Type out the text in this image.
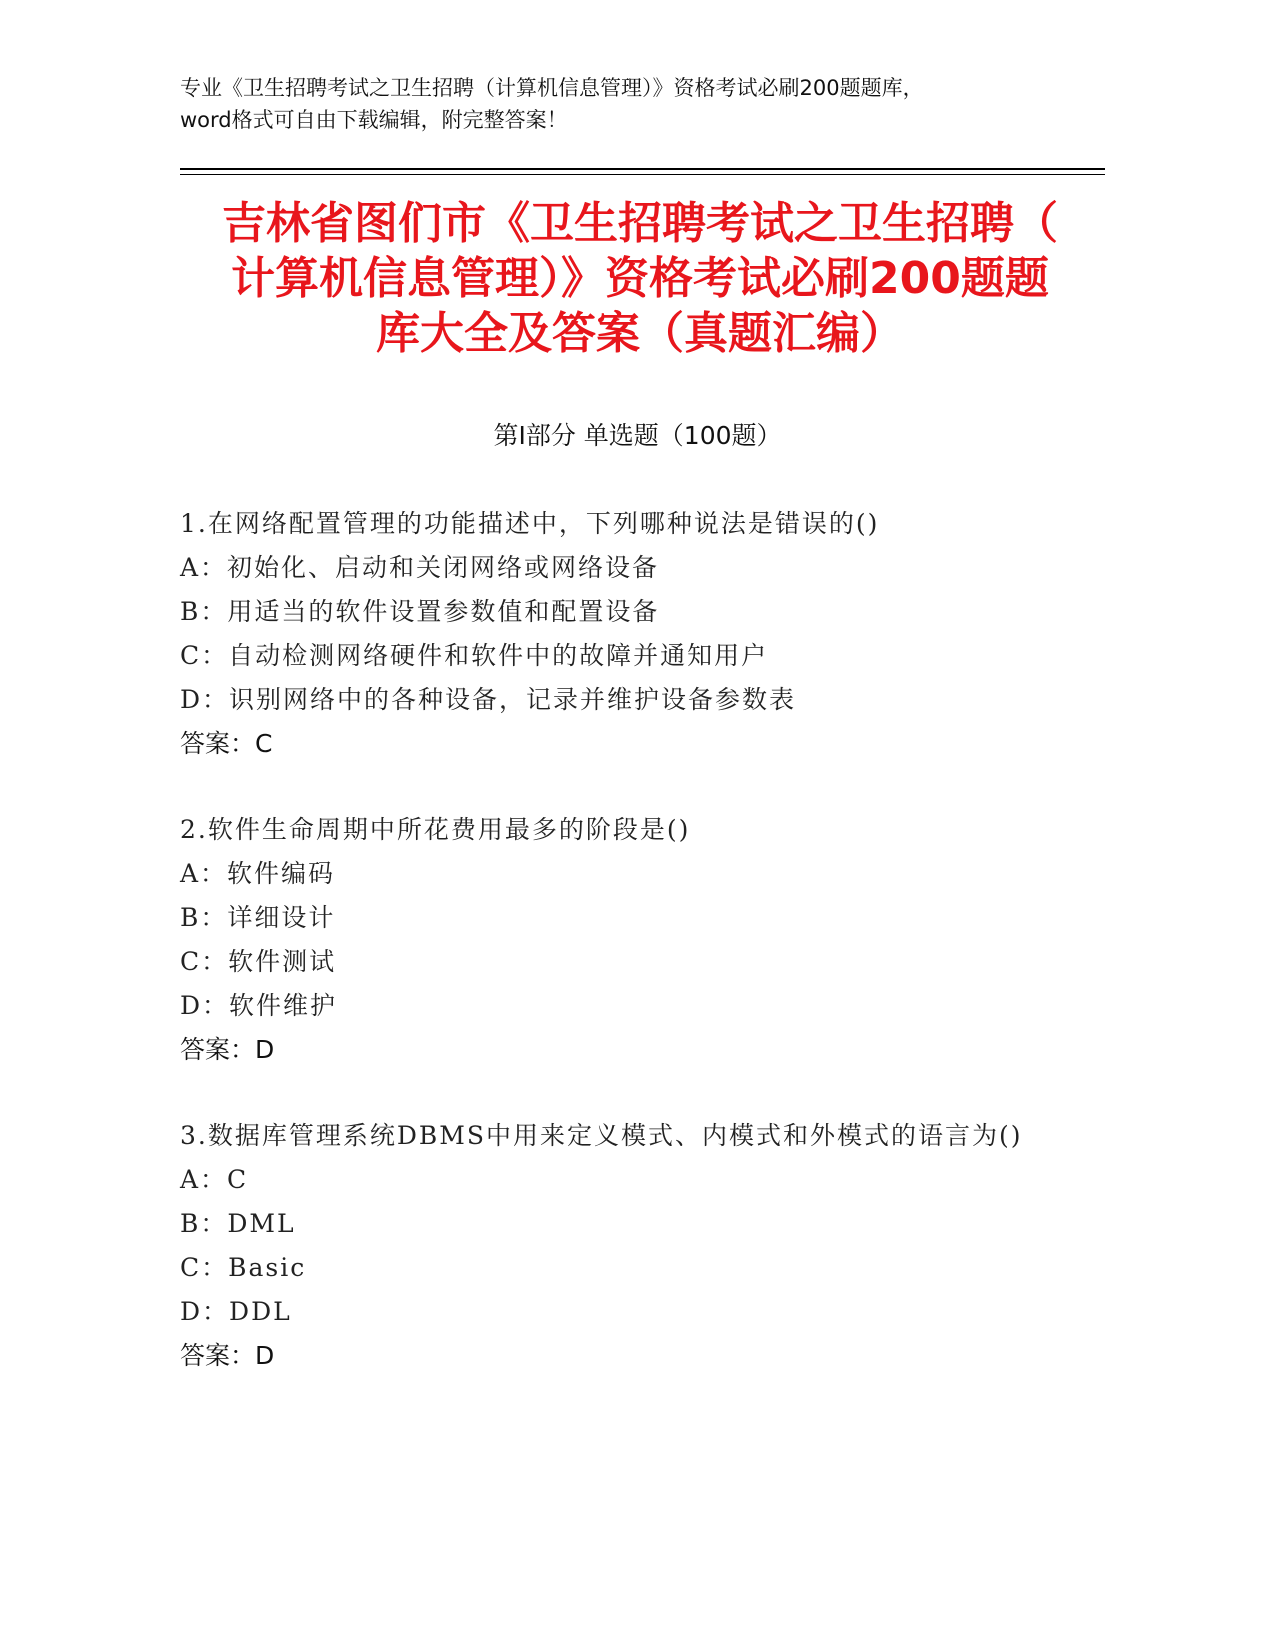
专业《卫生招聘考试之卫生招聘（计算机信息管理）》资格考试必刷200题题库，
word格式可自由下载编辑，附完整答案！
吉林省图们市《卫生招聘考试之卫生招聘（
计算机信息管理）》资格考试必刷200题题
库大全及答案（真题汇编）
第I部分 单选题（100题）
1.在网络配置管理的功能描述中，下列哪种说法是错误的()
A：初始化、启动和关闭网络或网络设备
B：用适当的软件设置参数值和配置设备
C：自动检测网络硬件和软件中的故障并通知用户
D：识别网络中的各种设备，记录并维护设备参数表
答案：C
2.软件生命周期中所花费用最多的阶段是()
A：软件编码
B：详细设计
C：软件测试
D：软件维护
答案：D
3.数据库管理系统DBMS中用来定义模式、内模式和外模式的语言为()
A：C
B：DML
C：Basic
D：DDL
答案：D
